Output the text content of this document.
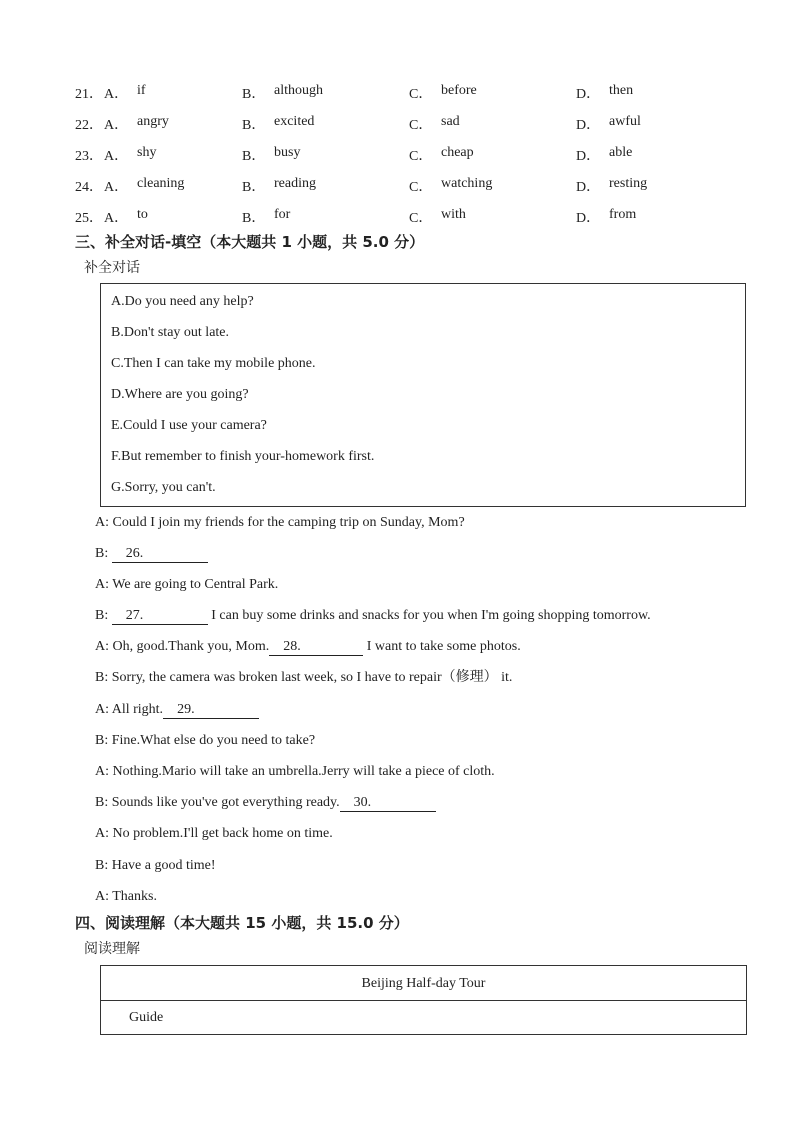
21． A． if	B． although	C． before	D． then
22． A． angry	B． excited	C． sad	D． awful
23． A． shy	B． busy	C． cheap	D． able
24． A． cleaning	B． reading	C． watching	D． resting
25． A． to	B． for	C． with	D． from
三、补全对话-填空（本大题共 1 小题，共 5.0 分）
补全对话
A.Do you need any help?
B.Don't stay out late.
C.Then I can take my mobile phone.
D.Where are you going?
E.Could I use your camera?
F.But remember to finish your-homework first.
G.Sorry, you can't.
A: Could I join my friends for the camping trip on Sunday, Mom?
B: 26.
A: We are going to Central Park.
B: 27.	I can buy some drinks and snacks for you when I'm going shopping tomorrow.
A: Oh, good.Thank you, Mom. 28.	I want to take some photos.
B: Sorry, the camera was broken last week, so I have to repair（修理） it.
A: All right. 29.
B: Fine.What else do you need to take?
A: Nothing.Mario will take an umbrella.Jerry will take a piece of cloth.
B: Sounds like you've got everything ready. 30.
A: No problem.I'll get back home on time.
B: Have a good time!
A: Thanks.
四、阅读理解（本大题共 15 小题，共 15.0 分）
阅读理解
Beijing Half-day Tour
Guide
